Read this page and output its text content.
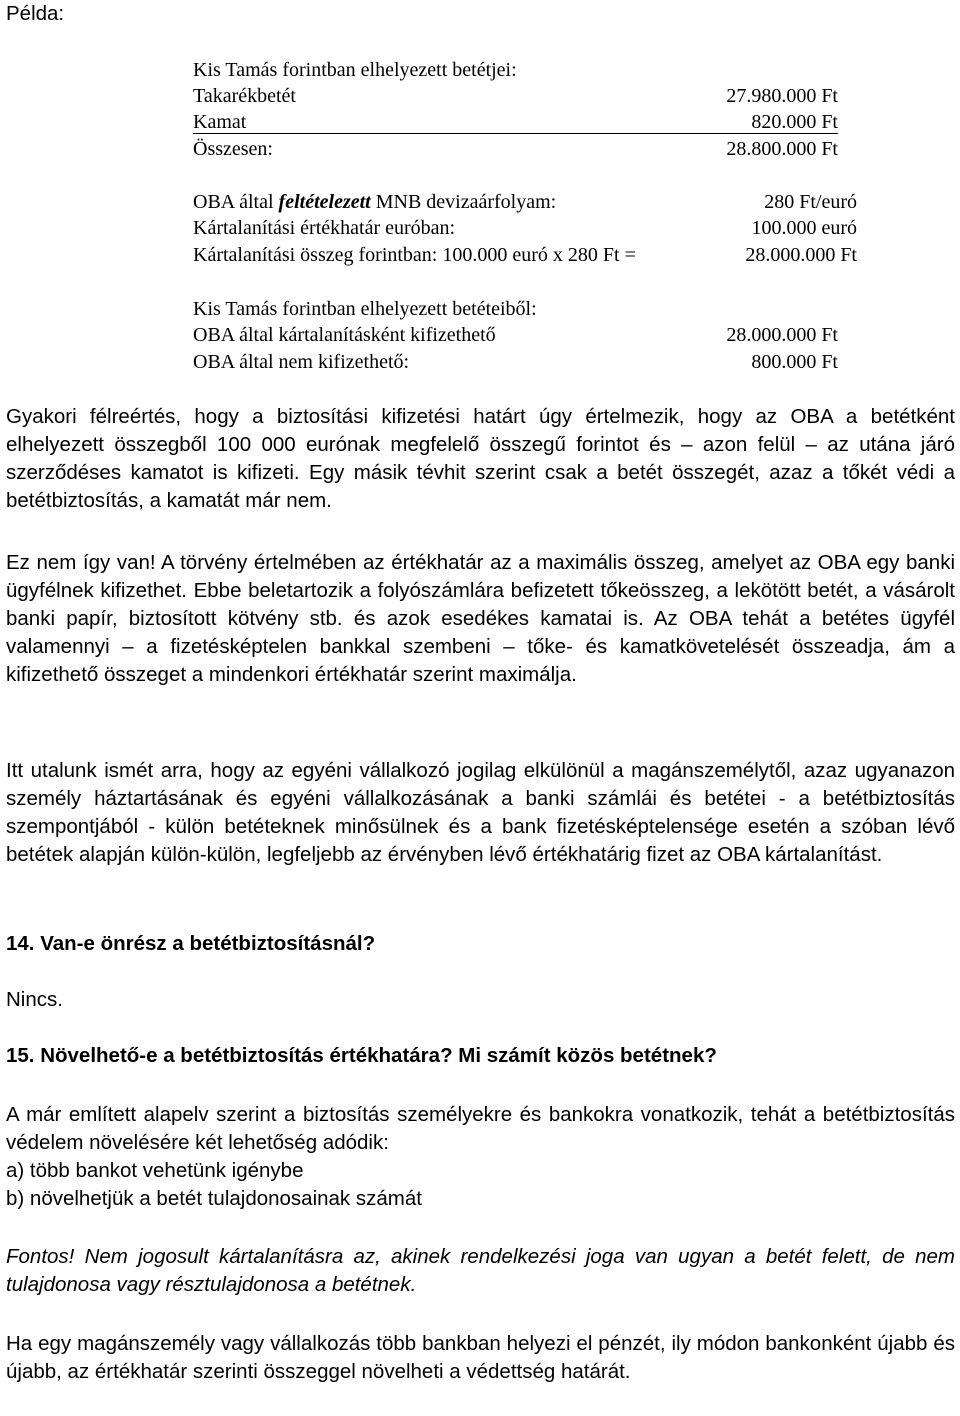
Példa:
Kis Tamás forintban elhelyezett betétjei:
Takarékbetét	27.980.000 Ft
Kamat	820.000 Ft
Összesen:	28.800.000 Ft
OBA által feltételezett MNB devizaárfolyam:	280 Ft/euró
Kártalanítási értékhatár euróban:	100.000 euró
Kártalanítási összeg forintban: 100.000 euró x 280 Ft =	28.000.000 Ft
Kis Tamás forintban elhelyezett betéteiből:
OBA által kártalanításként kifizethető	28.000.000 Ft
OBA által nem kifizethető:	800.000 Ft

Gyakori félreértés, hogy a biztosítási kifizetési határt úgy értelmezik, hogy az OBA a betétként elhelyezett összegből 100 000 eurónak megfelelő összegű forintot és – azon felül – az utána járó szerződéses kamatot is kifizeti. Egy másik tévhit szerint csak a betét összegét, azaz a tőkét védi a betétbiztosítás, a kamatát már nem.

Ez nem így van! A törvény értelmében az értékhatár az a maximális összeg, amelyet az OBA egy banki ügyfélnek kifizethet. Ebbe beletartozik a folyószámlára befizetett tőkeösszeg, a lekötött betét, a vásárolt banki papír, biztosított kötvény stb. és azok esedékes kamatai is. Az OBA tehát a betétes ügyfél valamennyi – a fizetésképtelen bankkal szembeni – tőke- és kamatkövetelését összeadja, ám a kifizethető összeget a mindenkori értékhatár szerint maximálja.

Itt utalunk ismét arra, hogy az egyéni vállalkozó jogilag elkülönül a magánszemélytől, azaz ugyanazon személy háztartásának és egyéni vállalkozásának a banki számlái és betétei - a betétbiztosítás szempontjából - külön betéteknek minősülnek és a bank fizetésképtelensége esetén a szóban lévő betétek alapján külön-külön, legfeljebb az érvényben lévő értékhatárig fizet az OBA kártalanítást.

14. Van-e önrész a betétbiztosításnál?

Nincs.

15. Növelhető-e a betétbiztosítás értékhatára? Mi számít közös betétnek?

A már említett alapelv szerint a biztosítás személyekre és bankokra vonatkozik, tehát a betétbiztosítás védelem növelésére két lehetőség adódik:

a) több bankot vehetünk igénybe

b) növelhetjük a betét tulajdonosainak számát

Fontos! Nem jogosult kártalanításra az, akinek rendelkezési joga van ugyan a betét felett, de nem tulajdonosa vagy résztulajdonosa a betétnek.

Ha egy magánszemély vagy vállalkozás több bankban helyezi el pénzét, ily módon bankonként újabb és újabb, az értékhatár szerinti összeggel növelheti a védettség határát.
